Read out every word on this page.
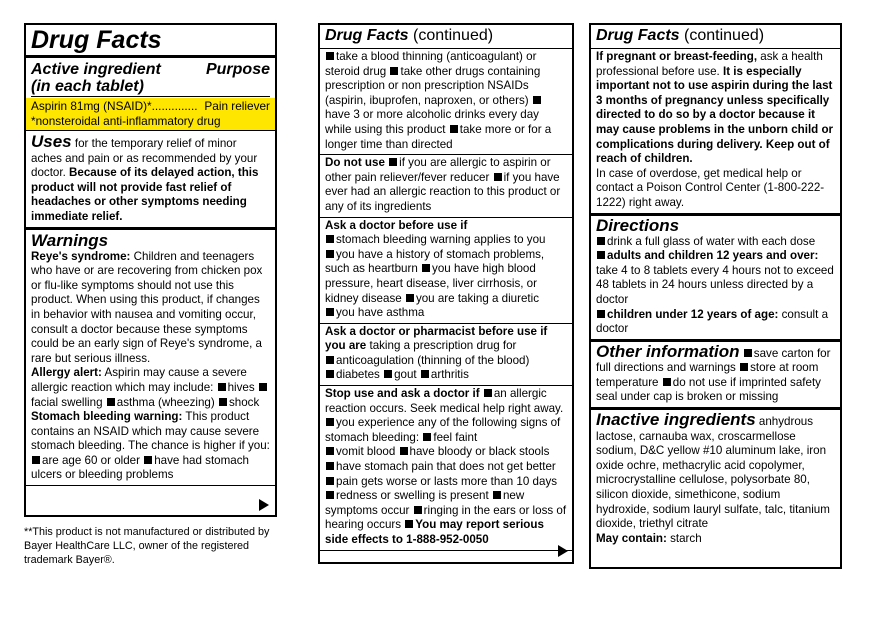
Drug Facts
Active ingredient	Purpose
(in each tablet)
Aspirin 81mg (NSAID)*.............. Pain reliever
*nonsteroidal anti-inflammatory drug
Uses for the temporary relief of minor aches and pain or as recommended by your doctor. Because of its delayed action, this product will not provide fast relief of headaches or other symptoms needing immediate relief.
Warnings
Reye's syndrome: Children and teenagers who have or are recovering from chicken pox or flu-like symptoms should not use this product. When using this product, if changes in behavior with nausea and vomiting occur, consult a doctor because these symptoms could be an early sign of Reye's syndrome, a rare but serious illness.
Allergy alert: Aspirin may cause a severe allergic reaction which may include: hives facial swelling asthma (wheezing) shock
Stomach bleeding warning: This product contains an NSAID which may cause severe stomach bleeding. The chance is higher if you: are age 60 or older have had stomach ulcers or bleeding problems
**This product is not manufactured or distributed by Bayer HealthCare LLC, owner of the registered trademark Bayer®.
Drug Facts (continued)
take a blood thinning (anticoagulant) or steroid drug take other drugs containing prescription or non prescription NSAIDs (aspirin, ibuprofen, naproxen, or others) have 3 or more alcoholic drinks every day while using this product take more or for a longer time than directed
Do not use if you are allergic to aspirin or other pain reliever/fever reducer if you have ever had an allergic reaction to this product or any of its ingredients
Ask a doctor before use if
stomach bleeding warning applies to you
you have a history of stomach problems, such as heartburn you have high blood pressure, heart disease, liver cirrhosis, or kidney disease you are taking a diuretic
you have asthma
Ask a doctor or pharmacist before use if you are taking a prescription drug for
anticoagulation (thinning of the blood)
diabetes gout arthritis
Stop use and ask a doctor if an allergic reaction occurs. Seek medical help right away. you experience any of the following signs of stomach bleeding: feel faint
vomit blood have bloody or black stools
have stomach pain that does not get better
pain gets worse or lasts more than 10 days
redness or swelling is present new symptoms occur ringing in the ears or loss of hearing occurs You may report serious side effects to 1-888-952-0050
Drug Facts (continued)
If pregnant or breast-feeding, ask a health professional before use. It is especially important not to use aspirin during the last 3 months of pregnancy unless specifically directed to do so by a doctor because it may cause problems in the unborn child or complications during delivery. Keep out of reach of children.
In case of overdose, get medical help or contact a Poison Control Center (1-800-222-1222) right away.
Directions
drink a full glass of water with each dose
adults and children 12 years and over: take 4 to 8 tablets every 4 hours not to exceed 48 tablets in 24 hours unless directed by a doctor
children under 12 years of age: consult a doctor
Other information save carton for full directions and warnings store at room temperature do not use if imprinted safety seal under cap is broken or missing
Inactive ingredients anhydrous lactose, carnauba wax, croscarmellose sodium, D&C yellow #10 aluminum lake, iron oxide ochre, methacrylic acid copolymer, microcrystalline cellulose, polysorbate 80, silicon dioxide, simethicone, sodium hydroxide, sodium lauryl sulfate, talc, titanium dioxide, triethyl citrate
May contain: starch
